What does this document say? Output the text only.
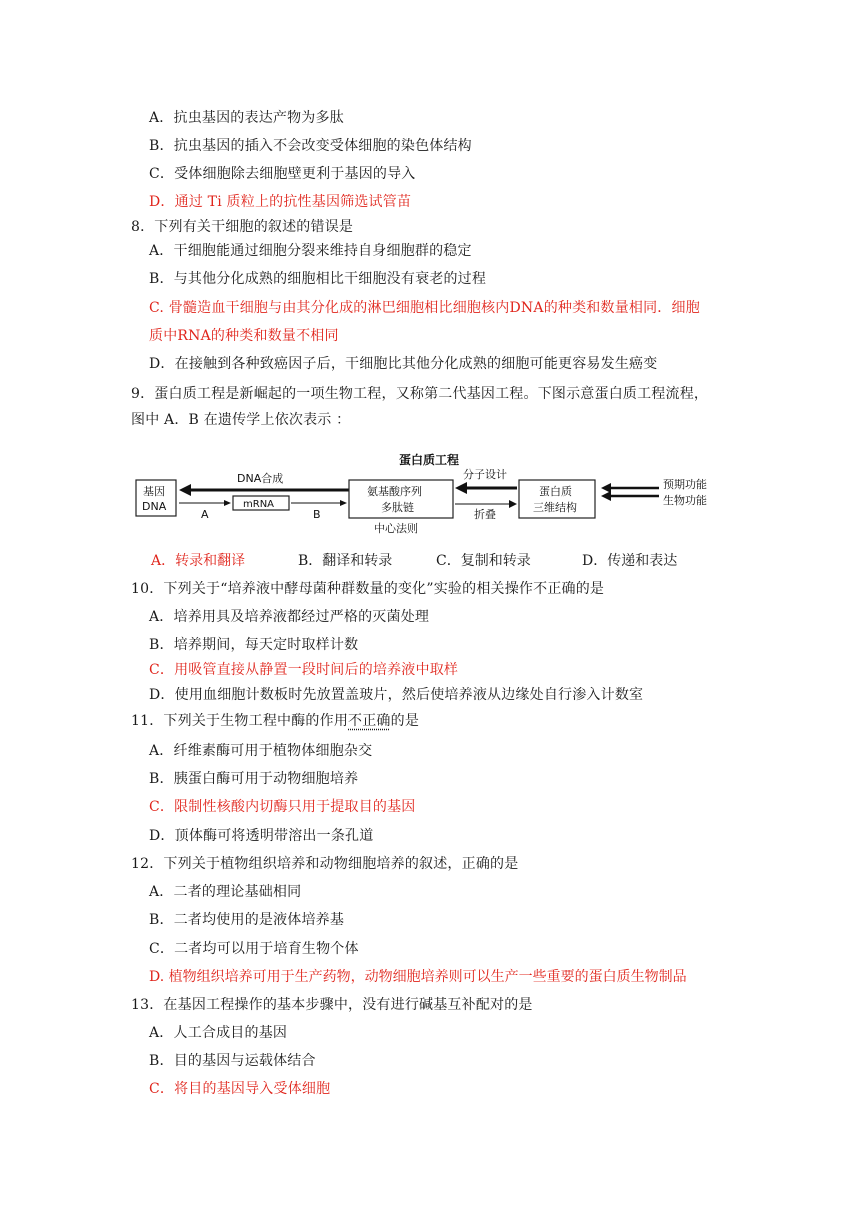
A．抗虫基因的表达产物为多肽
B．抗虫基因的插入不会改变受体细胞的染色体结构
C．受体细胞除去细胞壁更利于基因的导入
D．通过 Ti 质粒上的抗性基因筛选试管苗
8．下列有关干细胞的叙述的错误是
A．干细胞能通过细胞分裂来维持自身细胞群的稳定
B．与其他分化成熟的细胞相比干细胞没有衰老的过程
C. 骨髓造血干细胞与由其分化成的淋巴细胞相比细胞核内DNA的种类和数量相同．细胞
质中RNA的种类和数量不相同
D．在接触到各种致癌因子后，干细胞比其他分化成熟的细胞可能更容易发生癌变
9．蛋白质工程是新崛起的一项生物工程，又称第二代基因工程。下图示意蛋白质工程流程，
图中 A．B 在遗传学上依次表示 ：
蛋白质工程
基因
DNA
DNA合成
mRNA
A	B
氨基酸序列
多肽链
中心法则
分子设计
折叠
蛋白质
三维结构
预期功能
生物功能
A．转录和翻译	B．翻译和转录	C．复制和转录	D．传递和表达
10．下列关于“培养液中酵母菌种群数量的变化”实验的相关操作不正确的是
A．培养用具及培养液都经过严格的灭菌处理
B．培养期间，每天定时取样计数
C．用吸管直接从静置一段时间后的培养液中取样
D．使用血细胞计数板时先放置盖玻片，然后使培养液从边缘处自行渗入计数室
11．下列关于生物工程中酶的作用不正确的是
A．纤维素酶可用于植物体细胞杂交
B．胰蛋白酶可用于动物细胞培养
C．限制性核酸内切酶只用于提取目的基因
D．顶体酶可将透明带溶出一条孔道
12．下列关于植物组织培养和动物细胞培养的叙述，正确的是
A．二者的理论基础相同
B．二者均使用的是液体培养基
C．二者均可以用于培育生物个体
D. 植物组织培养可用于生产药物，动物细胞培养则可以生产一些重要的蛋白质生物制品
13．在基因工程操作的基本步骤中，没有进行碱基互补配对的是
A．人工合成目的基因
B．目的基因与运载体结合
C．将目的基因导入受体细胞
